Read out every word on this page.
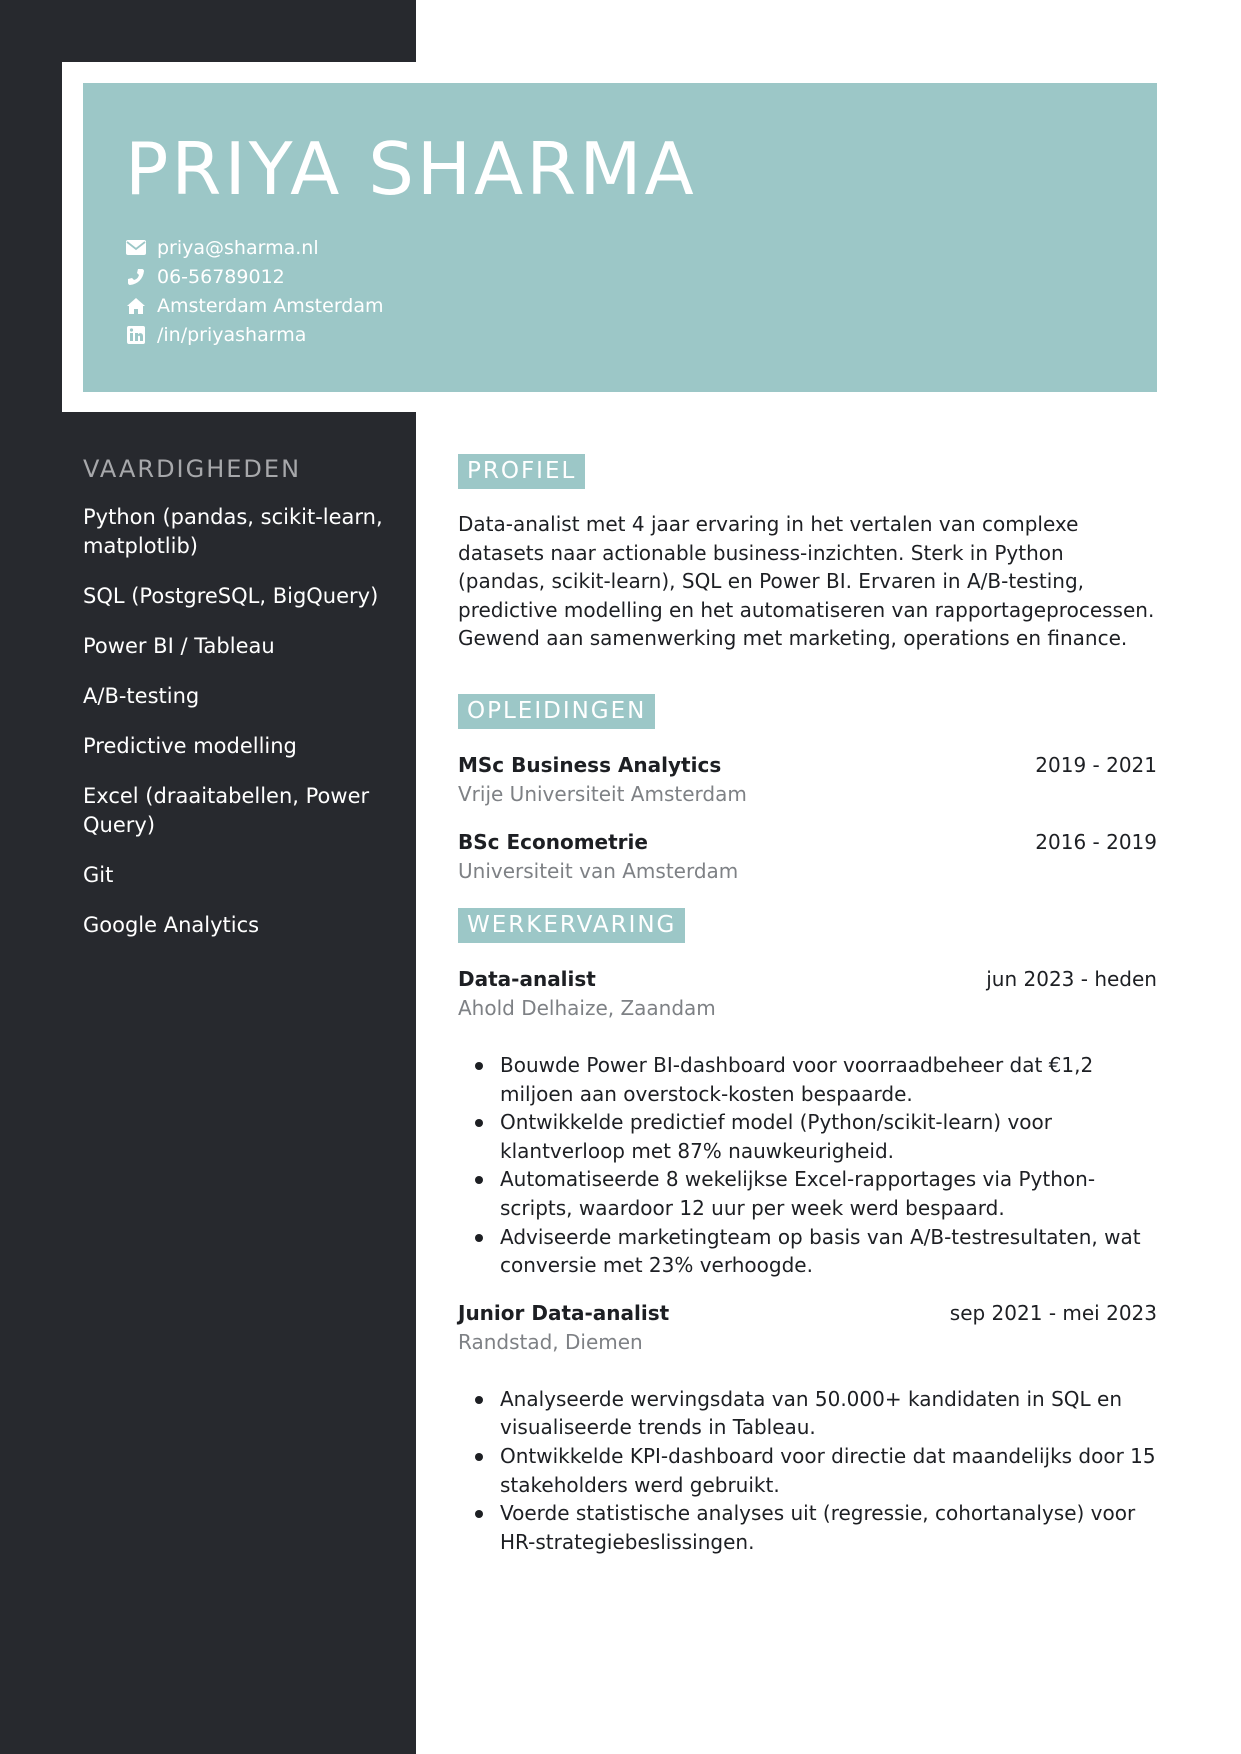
PRIYA SHARMA
priya@sharma.nl
06-56789012
Amsterdam Amsterdam
/in/priyasharma
VAARDIGHEDEN
Python (pandas, scikit-learn, matplotlib)
SQL (PostgreSQL, BigQuery)
Power BI / Tableau
A/B-testing
Predictive modelling
Excel (draaitabellen, Power Query)
Git
Google Analytics
PROFIEL
Data-analist met 4 jaar ervaring in het vertalen van complexe datasets naar actionable business-inzichten. Sterk in Python (pandas, scikit-learn), SQL en Power BI. Ervaren in A/B-testing, predictive modelling en het automatiseren van rapportageprocessen. Gewend aan samenwerking met marketing, operations en finance.
OPLEIDINGEN
MSc Business Analytics	2019 - 2021
Vrije Universiteit Amsterdam
BSc Econometrie	2016 - 2019
Universiteit van Amsterdam
WERKERVARING
Data-analist	jun 2023 - heden
Ahold Delhaize, Zaandam
Bouwde Power BI-dashboard voor voorraadbeheer dat €1,2 miljoen aan overstock-kosten bespaarde.
Ontwikkelde predictief model (Python/scikit-learn) voor klantverloop met 87% nauwkeurigheid.
Automatiseerde 8 wekelijkse Excel-rapportages via Python-scripts, waardoor 12 uur per week werd bespaard.
Adviseerde marketingteam op basis van A/B-testresultaten, wat conversie met 23% verhoogde.
Junior Data-analist	sep 2021 - mei 2023
Randstad, Diemen
Analyseerde wervingsdata van 50.000+ kandidaten in SQL en visualiseerde trends in Tableau.
Ontwikkelde KPI-dashboard voor directie dat maandelijks door 15 stakeholders werd gebruikt.
Voerde statistische analyses uit (regressie, cohortanalyse) voor HR-strategiebeslissingen.
